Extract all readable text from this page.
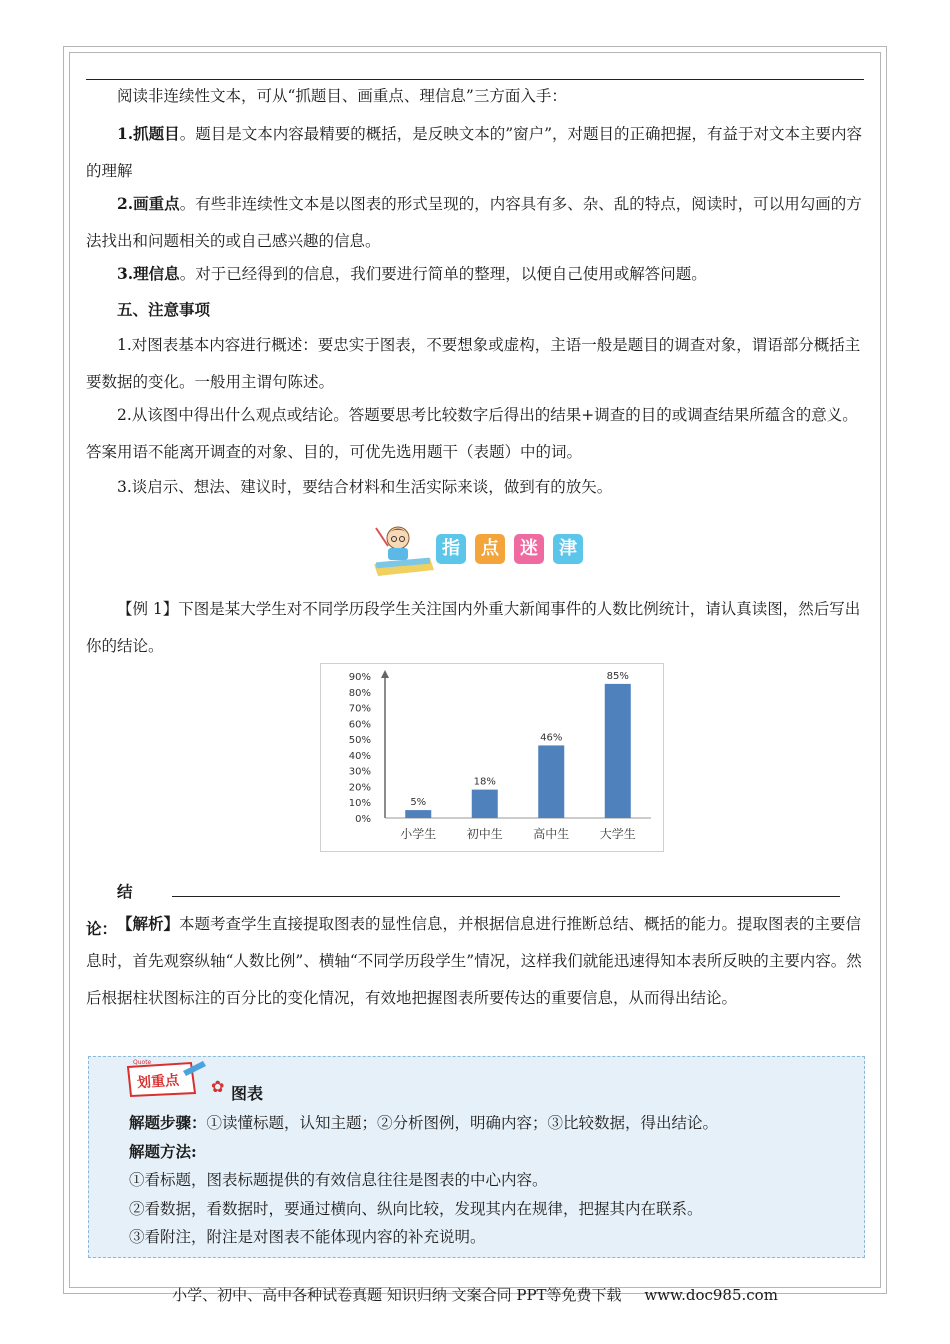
阅读非连续性文本，可从“抓题目、画重点、理信息”三方面入手：
1.抓题目。题目是文本内容最精要的概括，是反映文本的”窗户”，对题目的正确把握，有益于对文本主要内容的理解
2.画重点。有些非连续性文本是以图表的形式呈现的，内容具有多、杂、乱的特点，阅读时，可以用勾画的方法找出和问题相关的或自己感兴趣的信息。
3.理信息。对于已经得到的信息，我们要进行简单的整理，以便自己使用或解答问题。
五、注意事项
1.对图表基本内容进行概述：要忠实于图表，不要想象或虚构，主语一般是题目的调查对象，谓语部分概括主要数据的变化。一般用主谓句陈述。
2.从该图中得出什么观点或结论。答题要思考比较数字后得出的结果+调查的目的或调查结果所蕴含的意义。答案用语不能离开调查的对象、目的，可优先选用题干（表题）中的词。
3.谈启示、想法、建议时，要结合材料和生活实际来谈，做到有的放矢。
指	点	迷	津
【例 1】下图是某大学生对不同学历段学生关注国内外重大新闻事件的人数比例统计，请认真读图，然后写出你的结论。
0%
10%
20%
30%
40%
50%
60%
70%
80%
90%
5%
小学生
18%
初中生
46%
高中生
85%
大学生
结论： 【解析】本题考查学生直接提取图表的显性信息，并根据信息进行推断总结、概括的能力。提取图表的主要信息时，首先观察纵轴“人数比例”、横轴“不同学历段学生”情况，这样我们就能迅速得知本表所反映的主要内容。然后根据柱状图标注的百分比的变化情况，有效地把握图表所要传达的重要信息，从而得出结论。
Quote
划重点 ✿ 图表
解题步骤：①读懂标题，认知主题；②分析图例，明确内容；③比较数据，得出结论。
解题方法:
①看标题，图表标题提供的有效信息往往是图表的中心内容。
②看数据，看数据时，要通过横向、纵向比较，发现其内在规律，把握其内在联系。
③看附注，附注是对图表不能体现内容的补充说明。
小学、初中、高中各种试卷真题 知识归纳 文案合同 PPT等免费下载 www.doc985.com
